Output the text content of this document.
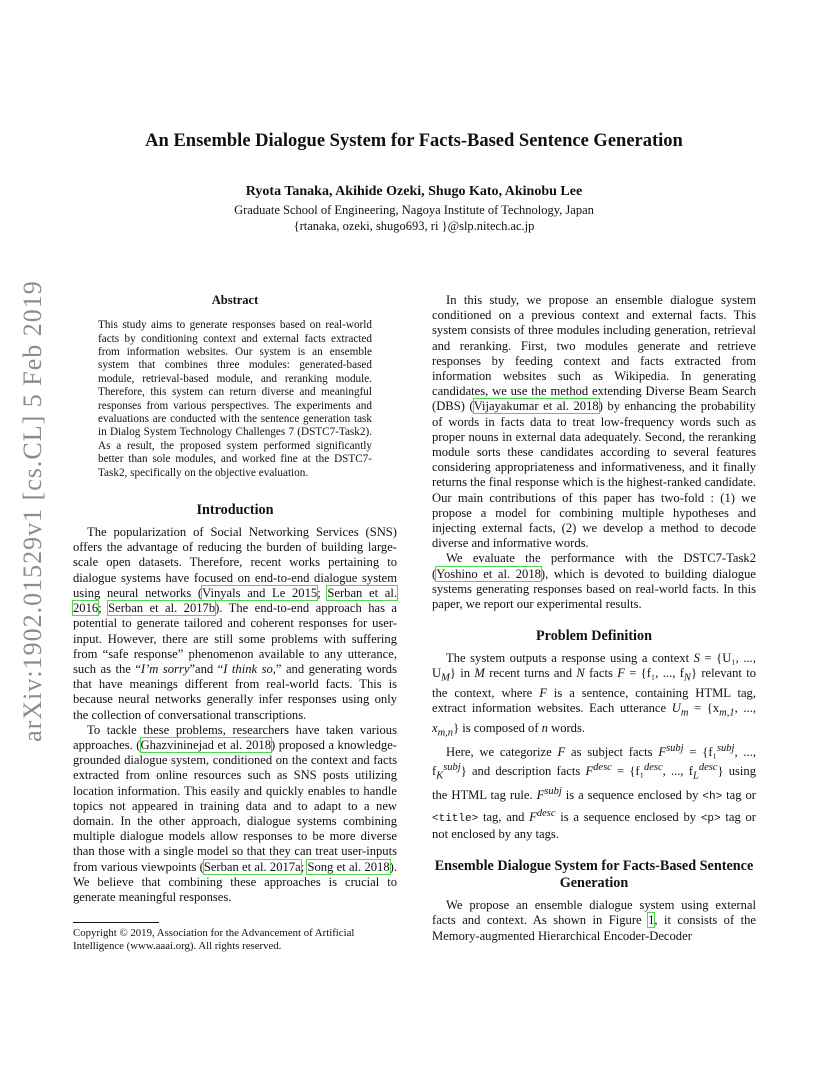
arXiv:1902.01529v1 [cs.CL] 5 Feb 2019
An Ensemble Dialogue System for Facts-Based Sentence Generation
Ryota Tanaka, Akihide Ozeki, Shugo Kato, Akinobu Lee
Graduate School of Engineering, Nagoya Institute of Technology, Japan
{rtanaka, ozeki, shugo693, ri }@slp.nitech.ac.jp
Abstract
This study aims to generate responses based on real-world facts by conditioning context and external facts extracted from information websites. Our system is an ensemble system that combines three modules: generated-based module, retrieval-based module, and reranking module. Therefore, this system can return diverse and meaningful responses from various perspectives. The experiments and evaluations are conducted with the sentence generation task in Dialog System Technology Challenges 7 (DSTC7-Task2). As a result, the proposed system performed significantly better than sole modules, and worked fine at the DSTC7-Task2, specifically on the objective evaluation.
Introduction

The popularization of Social Networking Services (SNS) offers the advantage of reducing the burden of building large-scale open datasets. Therefore, recent works pertaining to dialogue systems have focused on end-to-end dialogue system using neural networks (Vinyals and Le 2015; Serban et al. 2016; Serban et al. 2017b). The end-to-end approach has a potential to generate tailored and coherent responses for user-input. However, there are still some problems with suffering from “safe response” phenomenon available to any utterance, such as the “I’m sorry”and “I think so,” and generating words that have meanings different from real-world facts. This is because neural networks generally infer responses using only the collection of conversational transcriptions.

To tackle these problems, researchers have taken various approaches. (Ghazvininejad et al. 2018) proposed a knowledge-grounded dialogue system, conditioned on the context and facts extracted from online resources such as SNS posts utilizing location information. This easily and quickly enables to handle topics not appeared in training data and to adapt to a new domain. In the other approach, dialogue systems combining multiple dialogue models allow responses to be more diverse than those with a single model so that they can treat user-inputs from various viewpoints (Serban et al. 2017a; Song et al. 2018). We believe that combining these approaches is crucial to generate meaningful responses.

In this study, we propose an ensemble dialogue system conditioned on a previous context and external facts. This system consists of three modules including generation, retrieval and reranking. First, two modules generate and retrieve responses by feeding context and facts extracted from information websites such as Wikipedia. In generating candidates, we use the method extending Diverse Beam Search (DBS) (Vijayakumar et al. 2018) by enhancing the probability of words in facts data to treat low-frequency words such as proper nouns in external data adequately. Second, the reranking module sorts these candidates according to several features considering appropriateness and informativeness, and it finally returns the final response which is the highest-ranked candidate. Our main contributions of this paper has two-fold : (1) we propose a model for combining multiple hypotheses and injecting external facts, (2) we develop a method to decode diverse and informative words.

We evaluate the performance with the DSTC7-Task2 (Yoshino et al. 2018), which is devoted to building dialogue systems generating responses based on real-world facts. In this paper, we report our experimental results.

Problem Definition

The system outputs a response using a context S = {U₁, ..., $U_M$} in M recent turns and N facts F = {f₁, ..., $f_N$} relevant to the context, where F is a sentence, containing HTML tag, extract information websites. Each utterance $U_m = \{x_{m,1}$, ..., $x_{m,n}$} is composed of n words.

Here, we categorize F as subject facts $F^{subj} = \{f_1^{subj}$, ..., $f_K^{subj}$} and description facts $F^{desc} = \{f_1^{desc}$, ..., $f_L^{desc}$} using the HTML tag rule. $F^{subj}$ is a sequence enclosed by <h> tag or <title> tag, and $F^{desc}$ is a sequence enclosed by <p> tag or not enclosed by any tags.

Ensemble Dialogue System for Facts-Based Sentence Generation

We propose an ensemble dialogue system using external facts and context. As shown in Figure 1, it consists of the Memory-augmented Hierarchical Encoder-Decoder

Copyright © 2019, Association for the Advancement of Artificial Intelligence (www.aaai.org). All rights reserved.
